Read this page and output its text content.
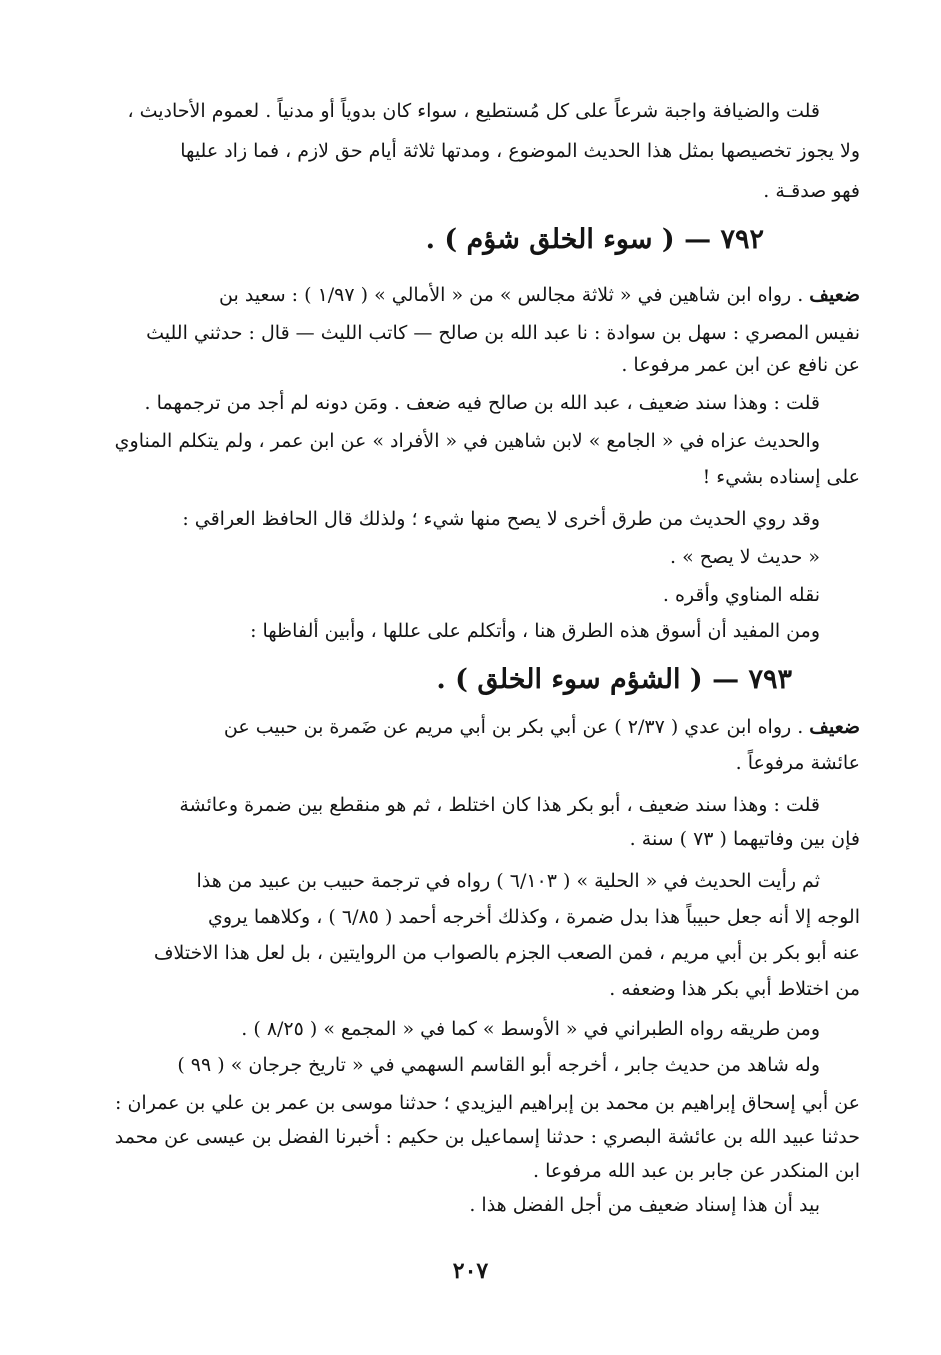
قلت والضيافة واجبة شرعاً على كل مُستطيع ، سواء كان بدوياً أو مدنياً . لعموم الأحاديث ،
ولا يجوز تخصيصها بمثل هذا الحديث الموضوع ، ومدتها ثلاثة أيام حق لازم ، فما زاد عليها
فهو صدقـة .
٧٩٢ — ( سوء الخلق شؤم ) .
ضعيف . رواه ابن شاهين في « ثلاثة مجالس » من « الأمالي » ( ١/٩٧ ) : سعيد بن
نفيس المصري : سهل بن سوادة : نا عبد الله بن صالح — كاتب الليث — قال : حدثني الليث
عن نافع عن ابن عمر مرفوعا .
قلت : وهذا سند ضعيف ، عبد الله بن صالح فيه ضعف . ومَن دونه لم أجد من ترجمهما .
والحديث عزاه في « الجامع » لابن شاهين في « الأفراد » عن ابن عمر ، ولم يتكلم المناوي
على إسناده بشيء !
وقد روي الحديث من طرق أخرى لا يصح منها شيء ؛ ولذلك قال الحافظ العراقي :
« حديث لا يصح » .
نقله المناوي وأقره .
ومن المفيد أن أسوق هذه الطرق هنا ، وأتكلم على عللها ، وأبين ألفاظها :
٧٩٣ — ( الشؤم سوء الخلق ) .
ضعيف . رواه ابن عدي ( ٢/٣٧ ) عن أبي بكر بن أبي مريم عن ضَمرة بن حبيب عن
عائشة مرفوعاً .
قلت : وهذا سند ضعيف ، أبو بكر هذا كان اختلط ، ثم هو منقطع بين ضمرة وعائشة
فإن بين وفاتيهما ( ٧٣ ) سنة .
ثم رأيت الحديث في « الحلية » ( ٦/١٠٣ ) رواه في ترجمة حبيب بن عبيد من هذا
الوجه إلا أنه جعل حبيباً هذا بدل ضمرة ، وكذلك أخرجه أحمد ( ٦/٨٥ ) ، وكلاهما يروي
عنه أبو بكر بن أبي مريم ، فمن الصعب الجزم بالصواب من الروايتين ، بل لعل هذا الاختلاف
من اختلاط أبي بكر هذا وضعفه .
ومن طريقه رواه الطبراني في « الأوسط » كما في « المجمع » ( ٨/٢٥ ) .
وله شاهد من حديث جابر ، أخرجه أبو القاسم السهمي في « تاريخ جرجان » ( ٩٩ )
عن أبي إسحاق إبراهيم بن محمد بن إبراهيم اليزيدي ؛ حدثنا موسى بن عمر بن علي بن عمران :
حدثنا عبيد الله بن عائشة البصري : حدثنا إسماعيل بن حكيم : أخبرنا الفضل بن عيسى عن محمد
ابن المنكدر عن جابر بن عبد الله مرفوعا .
بيد أن هذا إسناد ضعيف من أجل الفضل هذا .
٢٠٧
